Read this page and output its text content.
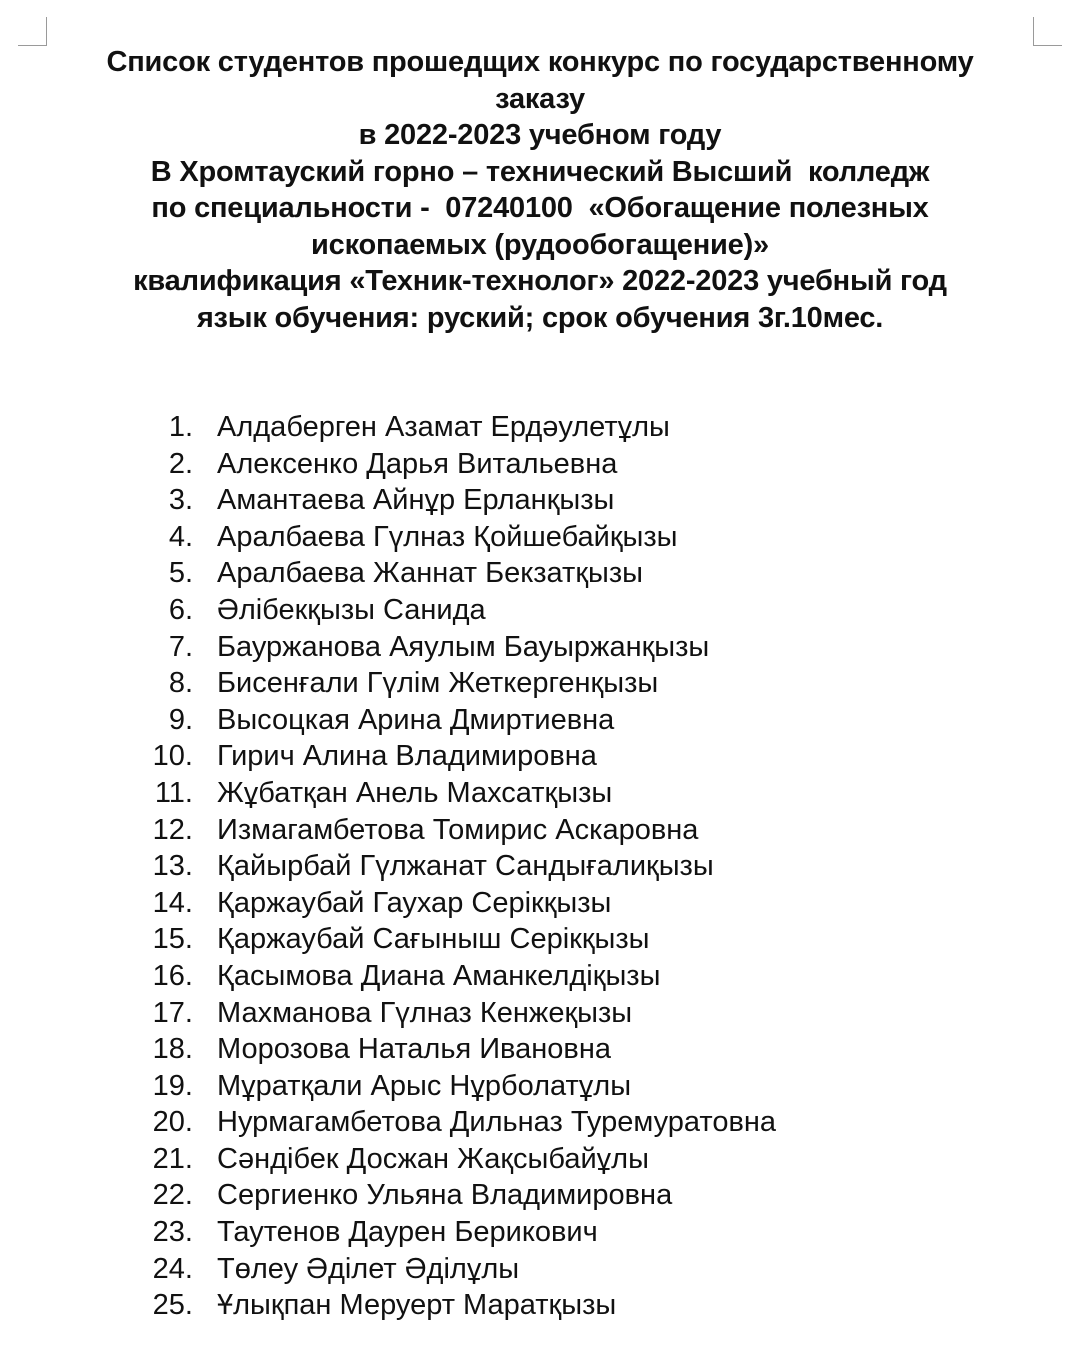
Список студентов прошедщих конкурс по государственному
заказу
в 2022-2023 учебном году
В Хромтауский горно – технический Высший  колледж
по специальности -  07240100  «Обогащение полезных
ископаемых (рудообогащение)»
квалификация «Техник-технолог» 2022-2023 учебный год
язык обучения: руский; срок обучения 3г.10мес.
1. Алдаберген Азамат Ердәулетұлы
2. Алексенко Дарья Витальевна
3. Амантаева Айнұр Ерланқызы
4. Аралбаева Гүлназ Қойшебайқызы
5. Аралбаева Жаннат Бекзатқызы
6. Әлібекқызы Санида
7. Бауржанова Аяулым Бауыржанқызы
8. Бисенғали Гүлім Жеткергенқызы
9. Высоцкая Арина Дмиртиевна
10. Гирич Алина Владимировна
11. Жұбатқан Анель Махсатқызы
12. Измагамбетова Томирис Аскаровна
13. Қайырбай Гүлжанат Сандығалиқызы
14. Қаржаубай Гаухар Серікқызы
15. Қаржаубай Сағыныш Серікқызы
16. Қасымова Диана Аманкелдіқызы
17. Махманова Гүлназ Кенжеқызы
18. Морозова Наталья Ивановна
19. Мұратқали Арыс Нұрболатұлы
20. Нурмагамбетова Дильназ Туремуратовна
21. Сәндібек Досжан Жақсыбайұлы
22. Сергиенко Ульяна Владимировна
23. Таутенов Даурен Берикович
24. Төлеу Әділет Әділұлы
25. Ұлықпан Меруерт Маратқызы
